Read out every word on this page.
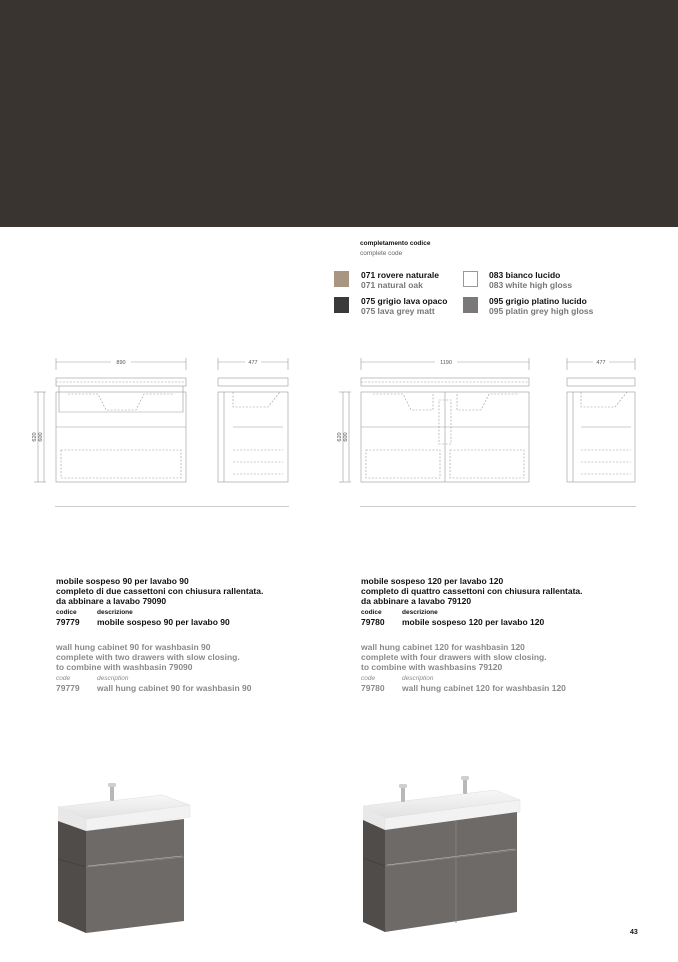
completamento codice
complete code
071 rovere naturale
071 natural oak
083 bianco lucido
083 white high gloss
075 grigio lava opaco
075 lava grey matt
095 grigio platino lucido
095 platin grey high gloss
890	477
620 600
1190	477
620 600
mobile sospeso 90 per lavabo 90
completo di due cassettoni con chiusura rallentata.
da abbinare a lavabo 79090
codice	descrizione
79779 mobile sospeso 90 per lavabo 90
wall hung cabinet 90 for washbasin 90
complete with two drawers with slow closing.
to combine with washbasin 79090
code	description
79779 wall hung cabinet 90 for washbasin 90
mobile sospeso 120 per lavabo 120
completo di quattro cassettoni con chiusura rallentata.
da abbinare a lavabo 79120
codice	descrizione
79780 mobile sospeso 120 per lavabo 120
wall hung cabinet 120 for washbasin 120
complete with four drawers with slow closing.
to combine with washbasins 79120
code	description
79780 wall hung cabinet 120 for washbasin 120
43
